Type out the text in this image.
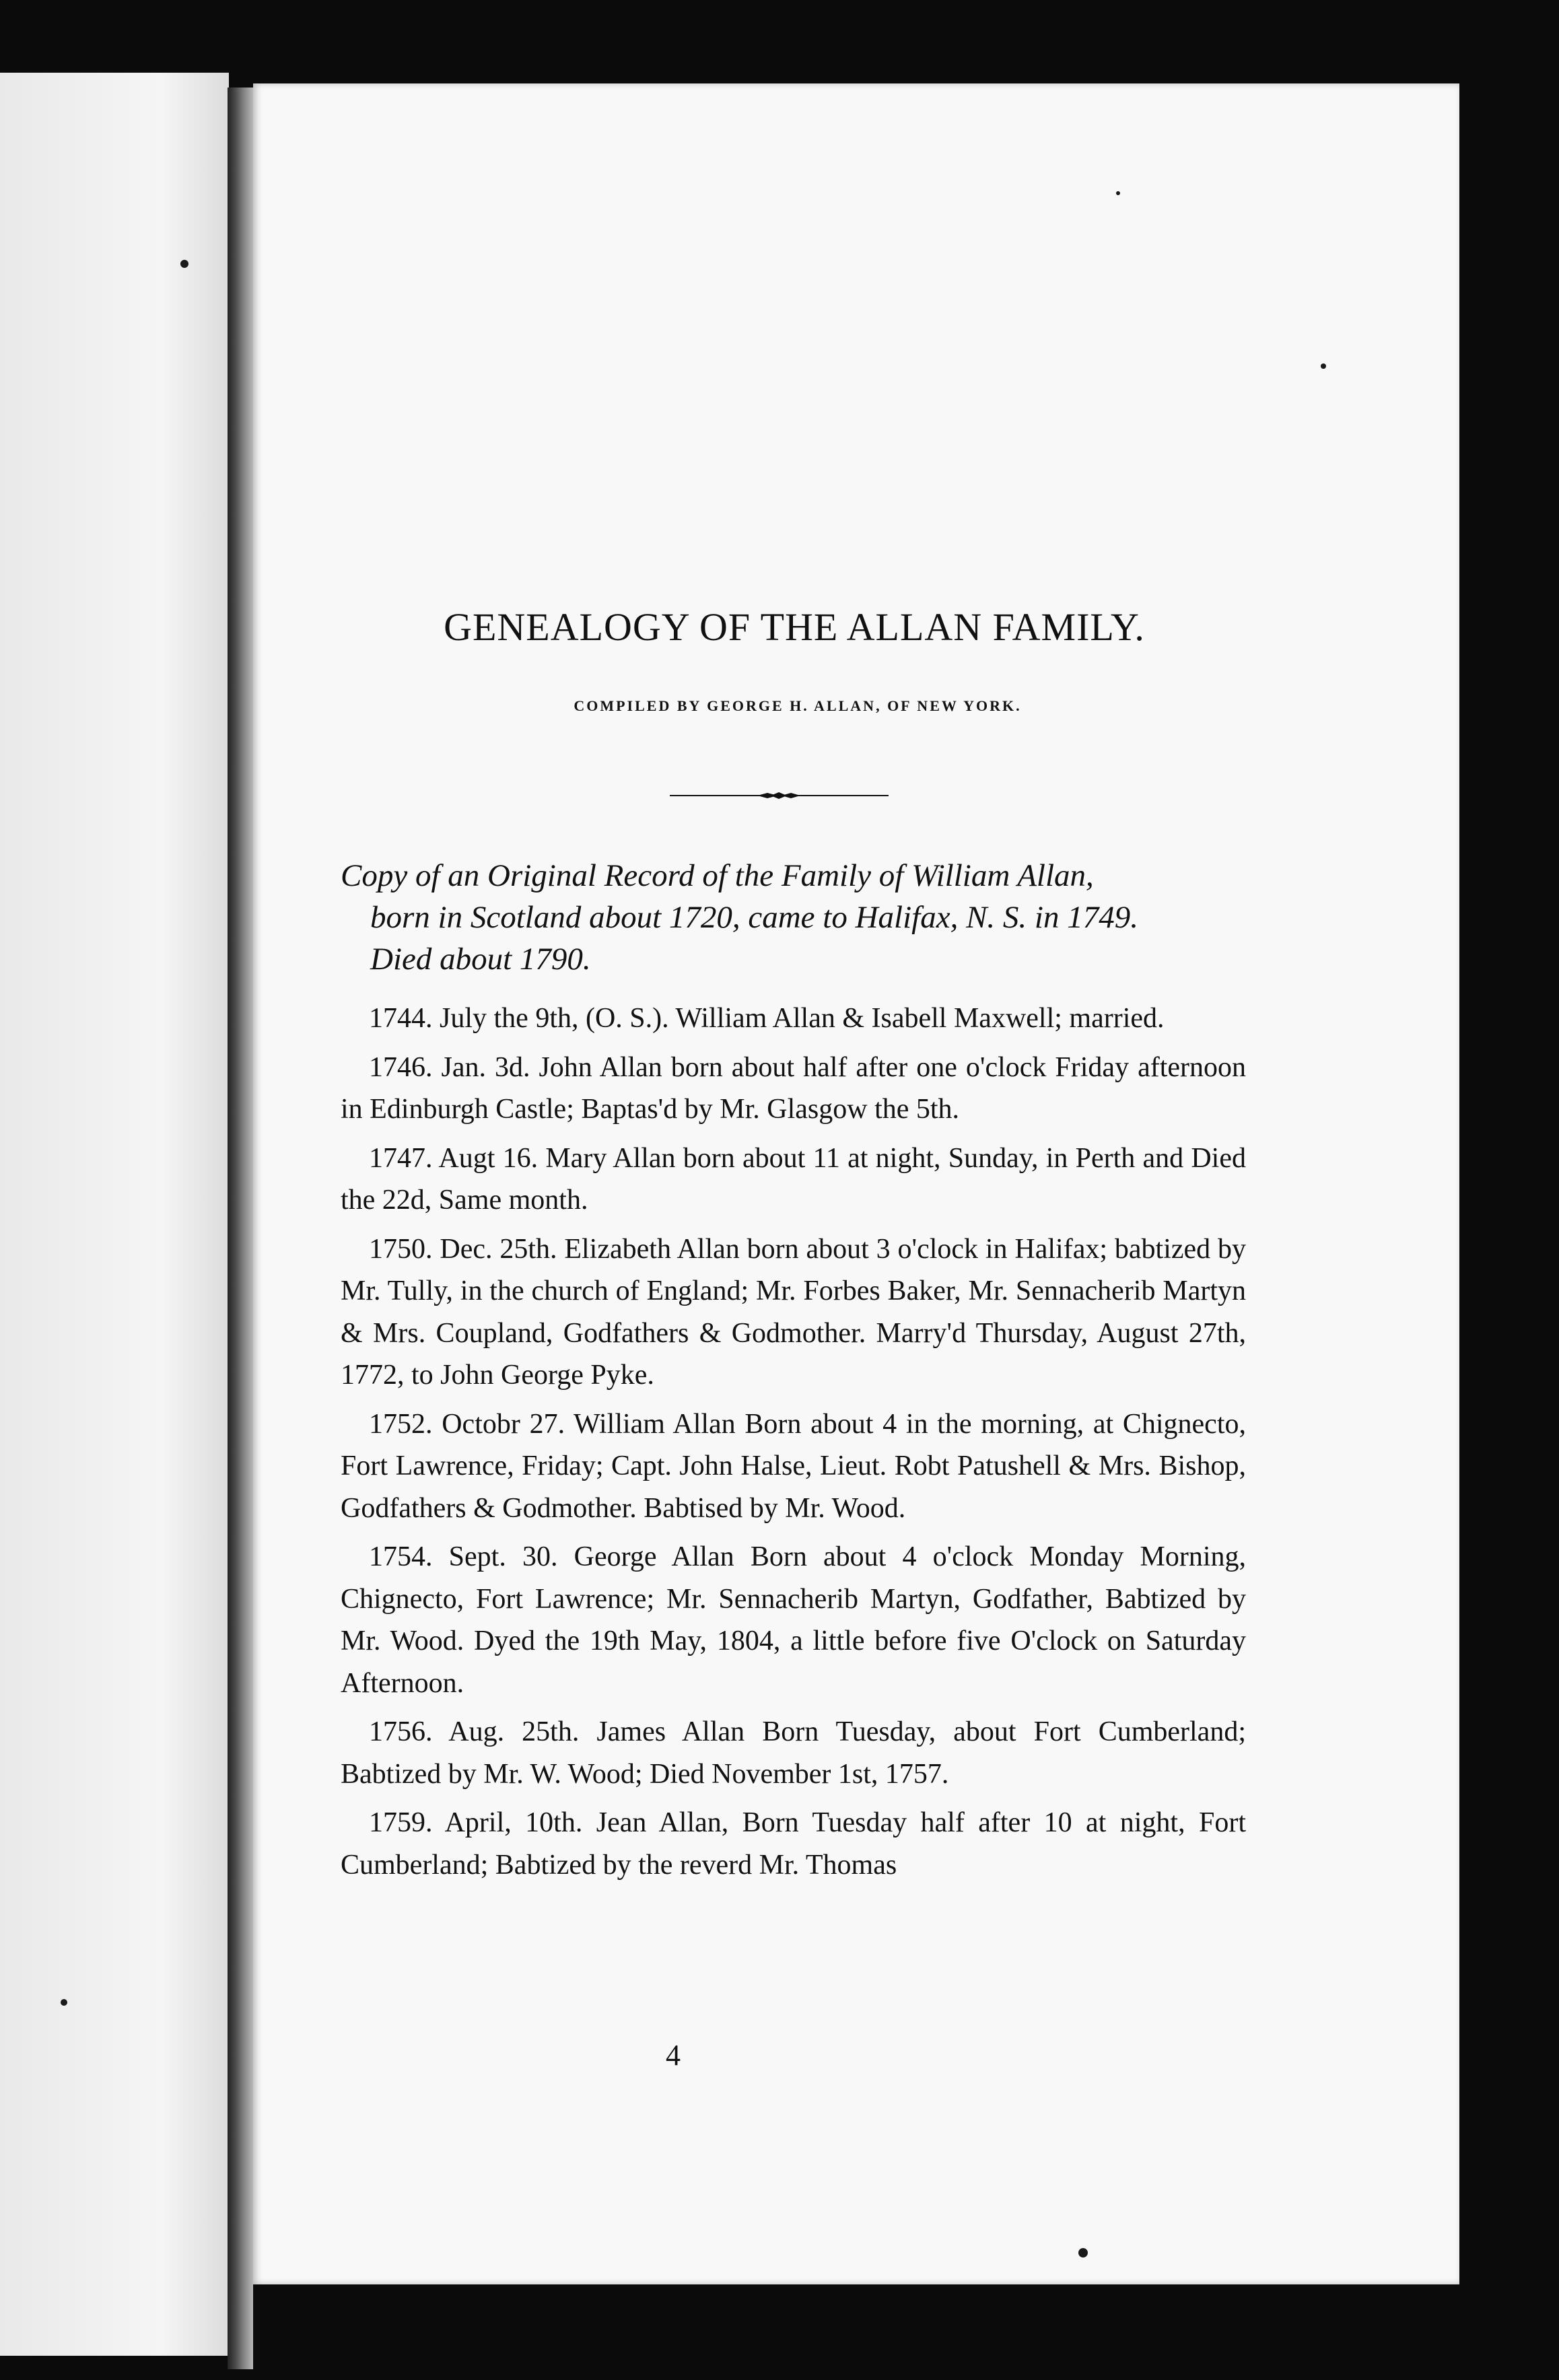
GENEALOGY OF THE ALLAN FAMILY.
COMPILED BY GEORGE H. ALLAN, OF NEW YORK.

Copy of an Original Record of the Family of William Allan,
born in Scotland about 1720, came to Halifax, N. S. in 1749.
Died about 1790.

1744. July the 9th, (O. S.). William Allan & Isabell Maxwell; married.

1746. Jan. 3d. John Allan born about half after one o'clock Friday afternoon in Edinburgh Castle; Baptas'd by Mr. Glasgow the 5th.

1747. Augt 16. Mary Allan born about 11 at night, Sunday, in Perth and Died the 22d, Same month.

1750. Dec. 25th. Elizabeth Allan born about 3 o'clock in Halifax; babtized by Mr. Tully, in the church of England; Mr. Forbes Baker, Mr. Sennacherib Martyn & Mrs. Coupland, Godfathers & Godmother. Marry'd Thursday, August 27th, 1772, to John George Pyke.

1752. Octobr 27. William Allan Born about 4 in the morning, at Chignecto, Fort Lawrence, Friday; Capt. John Halse, Lieut. Robt Patushell & Mrs. Bishop, Godfathers & Godmother. Babtised by Mr. Wood.

1754. Sept. 30. George Allan Born about 4 o'clock Monday Morning, Chignecto, Fort Lawrence; Mr. Sennacherib Martyn, Godfather, Babtized by Mr. Wood. Dyed the 19th May, 1804, a little before five O'clock on Saturday Afternoon.

1756. Aug. 25th. James Allan Born Tuesday, about Fort Cumberland; Babtized by Mr. W. Wood; Died November 1st, 1757.

1759. April, 10th. Jean Allan, Born Tuesday half after 10 at night, Fort Cumberland; Babtized by the reverd Mr. Thomas

4
